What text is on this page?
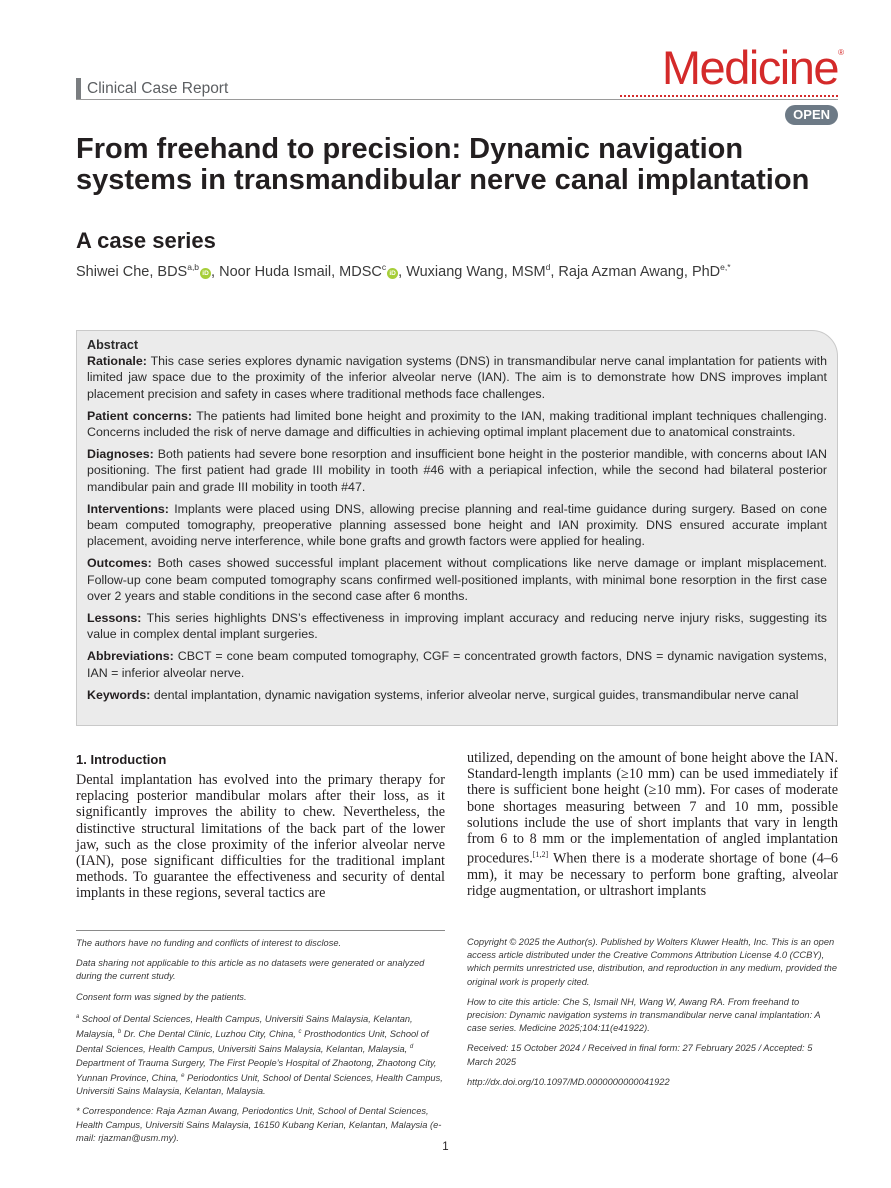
Clinical Case Report	Medicine ®
OPEN
From freehand to precision: Dynamic navigation systems in transmandibular nerve canal implantation
A case series
Shiwei Che, BDS$^{a,b}$iD , Noor Huda Ismail, MDSC$^c$iD , Wuxiang Wang, MSM$^d$, Raja Azman Awang, PhD$^{e,*}$

Abstract

Rationale: This case series explores dynamic navigation systems (DNS) in transmandibular nerve canal implantation for patients with limited jaw space due to the proximity of the inferior alveolar nerve (IAN). The aim is to demonstrate how DNS improves implant placement precision and safety in cases where traditional methods face challenges.

Patient concerns: The patients had limited bone height and proximity to the IAN, making traditional implant techniques challenging. Concerns included the risk of nerve damage and difficulties in achieving optimal implant placement due to anatomical constraints.

Diagnoses: Both patients had severe bone resorption and insufficient bone height in the posterior mandible, with concerns about IAN positioning. The first patient had grade III mobility in tooth #46 with a periapical infection, while the second had bilateral posterior mandibular pain and grade III mobility in tooth #47.

Interventions: Implants were placed using DNS, allowing precise planning and real-time guidance during surgery. Based on cone beam computed tomography, preoperative planning assessed bone height and IAN proximity. DNS ensured accurate implant placement, avoiding nerve interference, while bone grafts and growth factors were applied for healing.

Outcomes: Both cases showed successful implant placement without complications like nerve damage or implant misplacement. Follow-up cone beam computed tomography scans confirmed well-positioned implants, with minimal bone resorption in the first case over 2 years and stable conditions in the second case after 6 months.

Lessons: This series highlights DNS’s effectiveness in improving implant accuracy and reducing nerve injury risks, suggesting its value in complex dental implant surgeries.

Abbreviations: CBCT = cone beam computed tomography, CGF = concentrated growth factors, DNS = dynamic navigation systems, IAN = inferior alveolar nerve.

Keywords: dental implantation, dynamic navigation systems, inferior alveolar nerve, surgical guides, transmandibular nerve canal

1. Introduction

Dental implantation has evolved into the primary therapy for replacing posterior mandibular molars after their loss, as it significantly improves the ability to chew. Nevertheless, the distinctive structural limitations of the back part of the lower jaw, such as the close proximity of the inferior alveolar nerve (IAN), pose significant difficulties for the traditional implant methods. To guarantee the effectiveness and security of dental implants in these regions, several tactics are

utilized, depending on the amount of bone height above the IAN. Standard-length implants (≥10 mm) can be used immediately if there is sufficient bone height (≥10 mm). For cases of moderate bone shortages measuring between 7 and 10 mm, possible solutions include the use of short implants that vary in length from 6 to 8 mm or the implementation of angled implantation procedures.[1,2] When there is a moderate shortage of bone (4–6 mm), it may be necessary to perform bone grafting, alveolar ridge augmentation, or ultrashort implants

The authors have no funding and conflicts of interest to disclose.

Data sharing not applicable to this article as no datasets were generated or analyzed during the current study.

Consent form was signed by the patients.

$^a$ School of Dental Sciences, Health Campus, Universiti Sains Malaysia, Kelantan, Malaysia, $^b$ Dr. Che Dental Clinic, Luzhou City, China, $^c$ Prosthodontics Unit, School of Dental Sciences, Health Campus, Universiti Sains Malaysia, Kelantan, Malaysia, $^d$ Department of Trauma Surgery, The First People’s Hospital of Zhaotong, Zhaotong City, Yunnan Province, China, $^e$ Periodontics Unit, School of Dental Sciences, Health Campus, Universiti Sains Malaysia, Kelantan, Malaysia.

* Correspondence: Raja Azman Awang, Periodontics Unit, School of Dental Sciences, Health Campus, Universiti Sains Malaysia, 16150 Kubang Kerian, Kelantan, Malaysia (e-mail: rjazman@usm.my).

Copyright © 2025 the Author(s). Published by Wolters Kluwer Health, Inc. This is an open access article distributed under the Creative Commons Attribution License 4.0 (CCBY), which permits unrestricted use, distribution, and reproduction in any medium, provided the original work is properly cited.

How to cite this article: Che S, Ismail NH, Wang W, Awang RA. From freehand to precision: Dynamic navigation systems in transmandibular nerve canal implantation: A case series. Medicine 2025;104:11(e41922).

Received: 15 October 2024 / Received in final form: 27 February 2025 / Accepted: 5 March 2025

http://dx.doi.org/10.1097/MD.0000000000041922

1
